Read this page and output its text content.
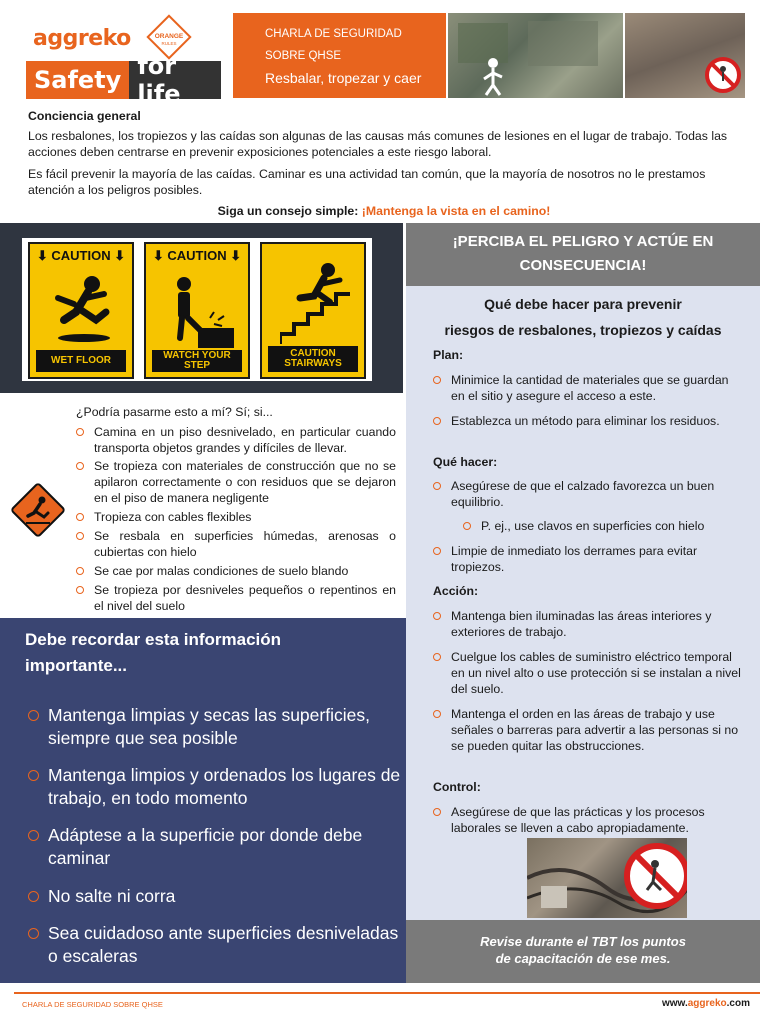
aggreko	ORANGE
RULES
Safety for life
CHARLA DE SEGURIDAD
SOBRE QHSE
Resbalar, tropezar y caer
Conciencia general
Los resbalones, los tropiezos y las caídas son algunas de las causas más comunes de lesiones en el lugar de trabajo. Todas las acciones deben centrarse en prevenir exposiciones potenciales a este riesgo laboral.
Es fácil prevenir la mayoría de las caídas. Caminar es una actividad tan común, que la mayoría de nosotros no le prestamos atención a los peligros posibles.
Siga un consejo simple: ¡Mantenga la vista en el camino!
⬇ CAUTION ⬇
WET FLOOR
⬇ CAUTION ⬇
WATCH YOUR STEP
CAUTION STAIRWAYS
¿Podría pasarme esto a mí? Sí; si...
Camina en un piso desnivelado, en particular cuando transporta objetos grandes y difíciles de llevar.
Se tropieza con materiales de construcción que no se apilaron correctamente o con residuos que se dejaron en el piso de manera negligente
Tropieza con cables flexibles
Se resbala en superficies húmedas, arenosas o cubiertas con hielo
Se cae por malas condiciones de suelo blando
Se tropieza por desniveles pequeños o repentinos en el nivel del suelo
Debe recordar esta información
importante...
Mantenga limpias y secas las superficies, siempre que sea posible
Mantenga limpios y ordenados los lugares de trabajo, en todo momento
Adáptese a la superficie por donde debe caminar
No salte ni corra
Sea cuidadoso ante superficies desniveladas o escaleras
¡PERCIBA EL PELIGRO Y ACTÚE EN
CONSECUENCIA!
Qué debe hacer para prevenir
riesgos de resbalones, tropiezos y caídas
Plan:
Minimice la cantidad de materiales que se guardan en el sitio y asegure el acceso a este.
Establezca un método para eliminar los residuos.
Qué hacer:
Asegúrese de que el calzado favorezca un buen equilibrio.
P. ej., use clavos en superficies con hielo
Limpie de inmediato los derrames para evitar tropiezos.
Acción:
Mantenga bien iluminadas las áreas interiores y exteriores de trabajo.
Cuelgue los cables de suministro eléctrico temporal en un nivel alto o use protección si se instalan a nivel del suelo.
Mantenga el orden en las áreas de trabajo y use señales o barreras para advertir a las personas si no se pueden quitar las obstrucciones.
Control:
Asegúrese de que las prácticas y los procesos laborales se lleven a cabo apropiadamente.
Revise durante el TBT los puntos
de capacitación de ese mes.
CHARLA DE SEGURIDAD SOBRE QHSE	www.aggreko.com
